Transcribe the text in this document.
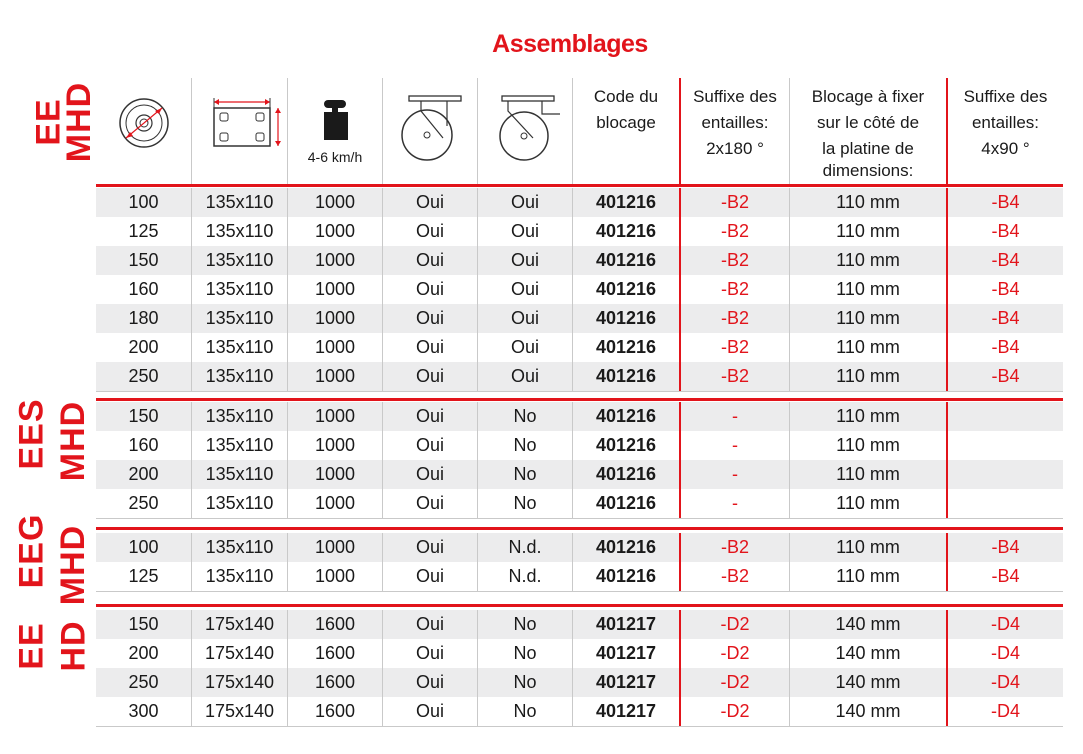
Assemblages
4-6 km/h
Code du
blocage
Suffixe des
entailles:
2x180 °
Blocage à fixer
sur le côté de
la platine de
dimensions:
Suffixe des
entailles:
4x90 °
EE
MHD
100	135x110	1000	Oui	Oui	401216	-B2	110 mm	-B4
125	135x110	1000	Oui	Oui	401216	-B2	110 mm	-B4
150	135x110	1000	Oui	Oui	401216	-B2	110 mm	-B4
160	135x110	1000	Oui	Oui	401216	-B2	110 mm	-B4
180	135x110	1000	Oui	Oui	401216	-B2	110 mm	-B4
200	135x110	1000	Oui	Oui	401216	-B2	110 mm	-B4
250	135x110	1000	Oui	Oui	401216	-B2	110 mm	-B4
EES MHD	150	135x110	1000	Oui	No	401216	-	110 mm
160	135x110	1000	Oui	No	401216	-	110 mm
200	135x110	1000	Oui	No	401216	-	110 mm
250	135x110	1000	Oui	No	401216	-	110 mm
EEG MHD	100	135x110	1000	Oui	N.d.	401216	-B2	110 mm	-B4
125	135x110	1000	Oui	N.d.	401216	-B2	110 mm	-B4
EE HD	150	175x140	1600	Oui	No	401217	-D2	140 mm	-D4
200	175x140	1600	Oui	No	401217	-D2	140 mm	-D4
250	175x140	1600	Oui	No	401217	-D2	140 mm	-D4
300	175x140	1600	Oui	No	401217	-D2	140 mm	-D4
